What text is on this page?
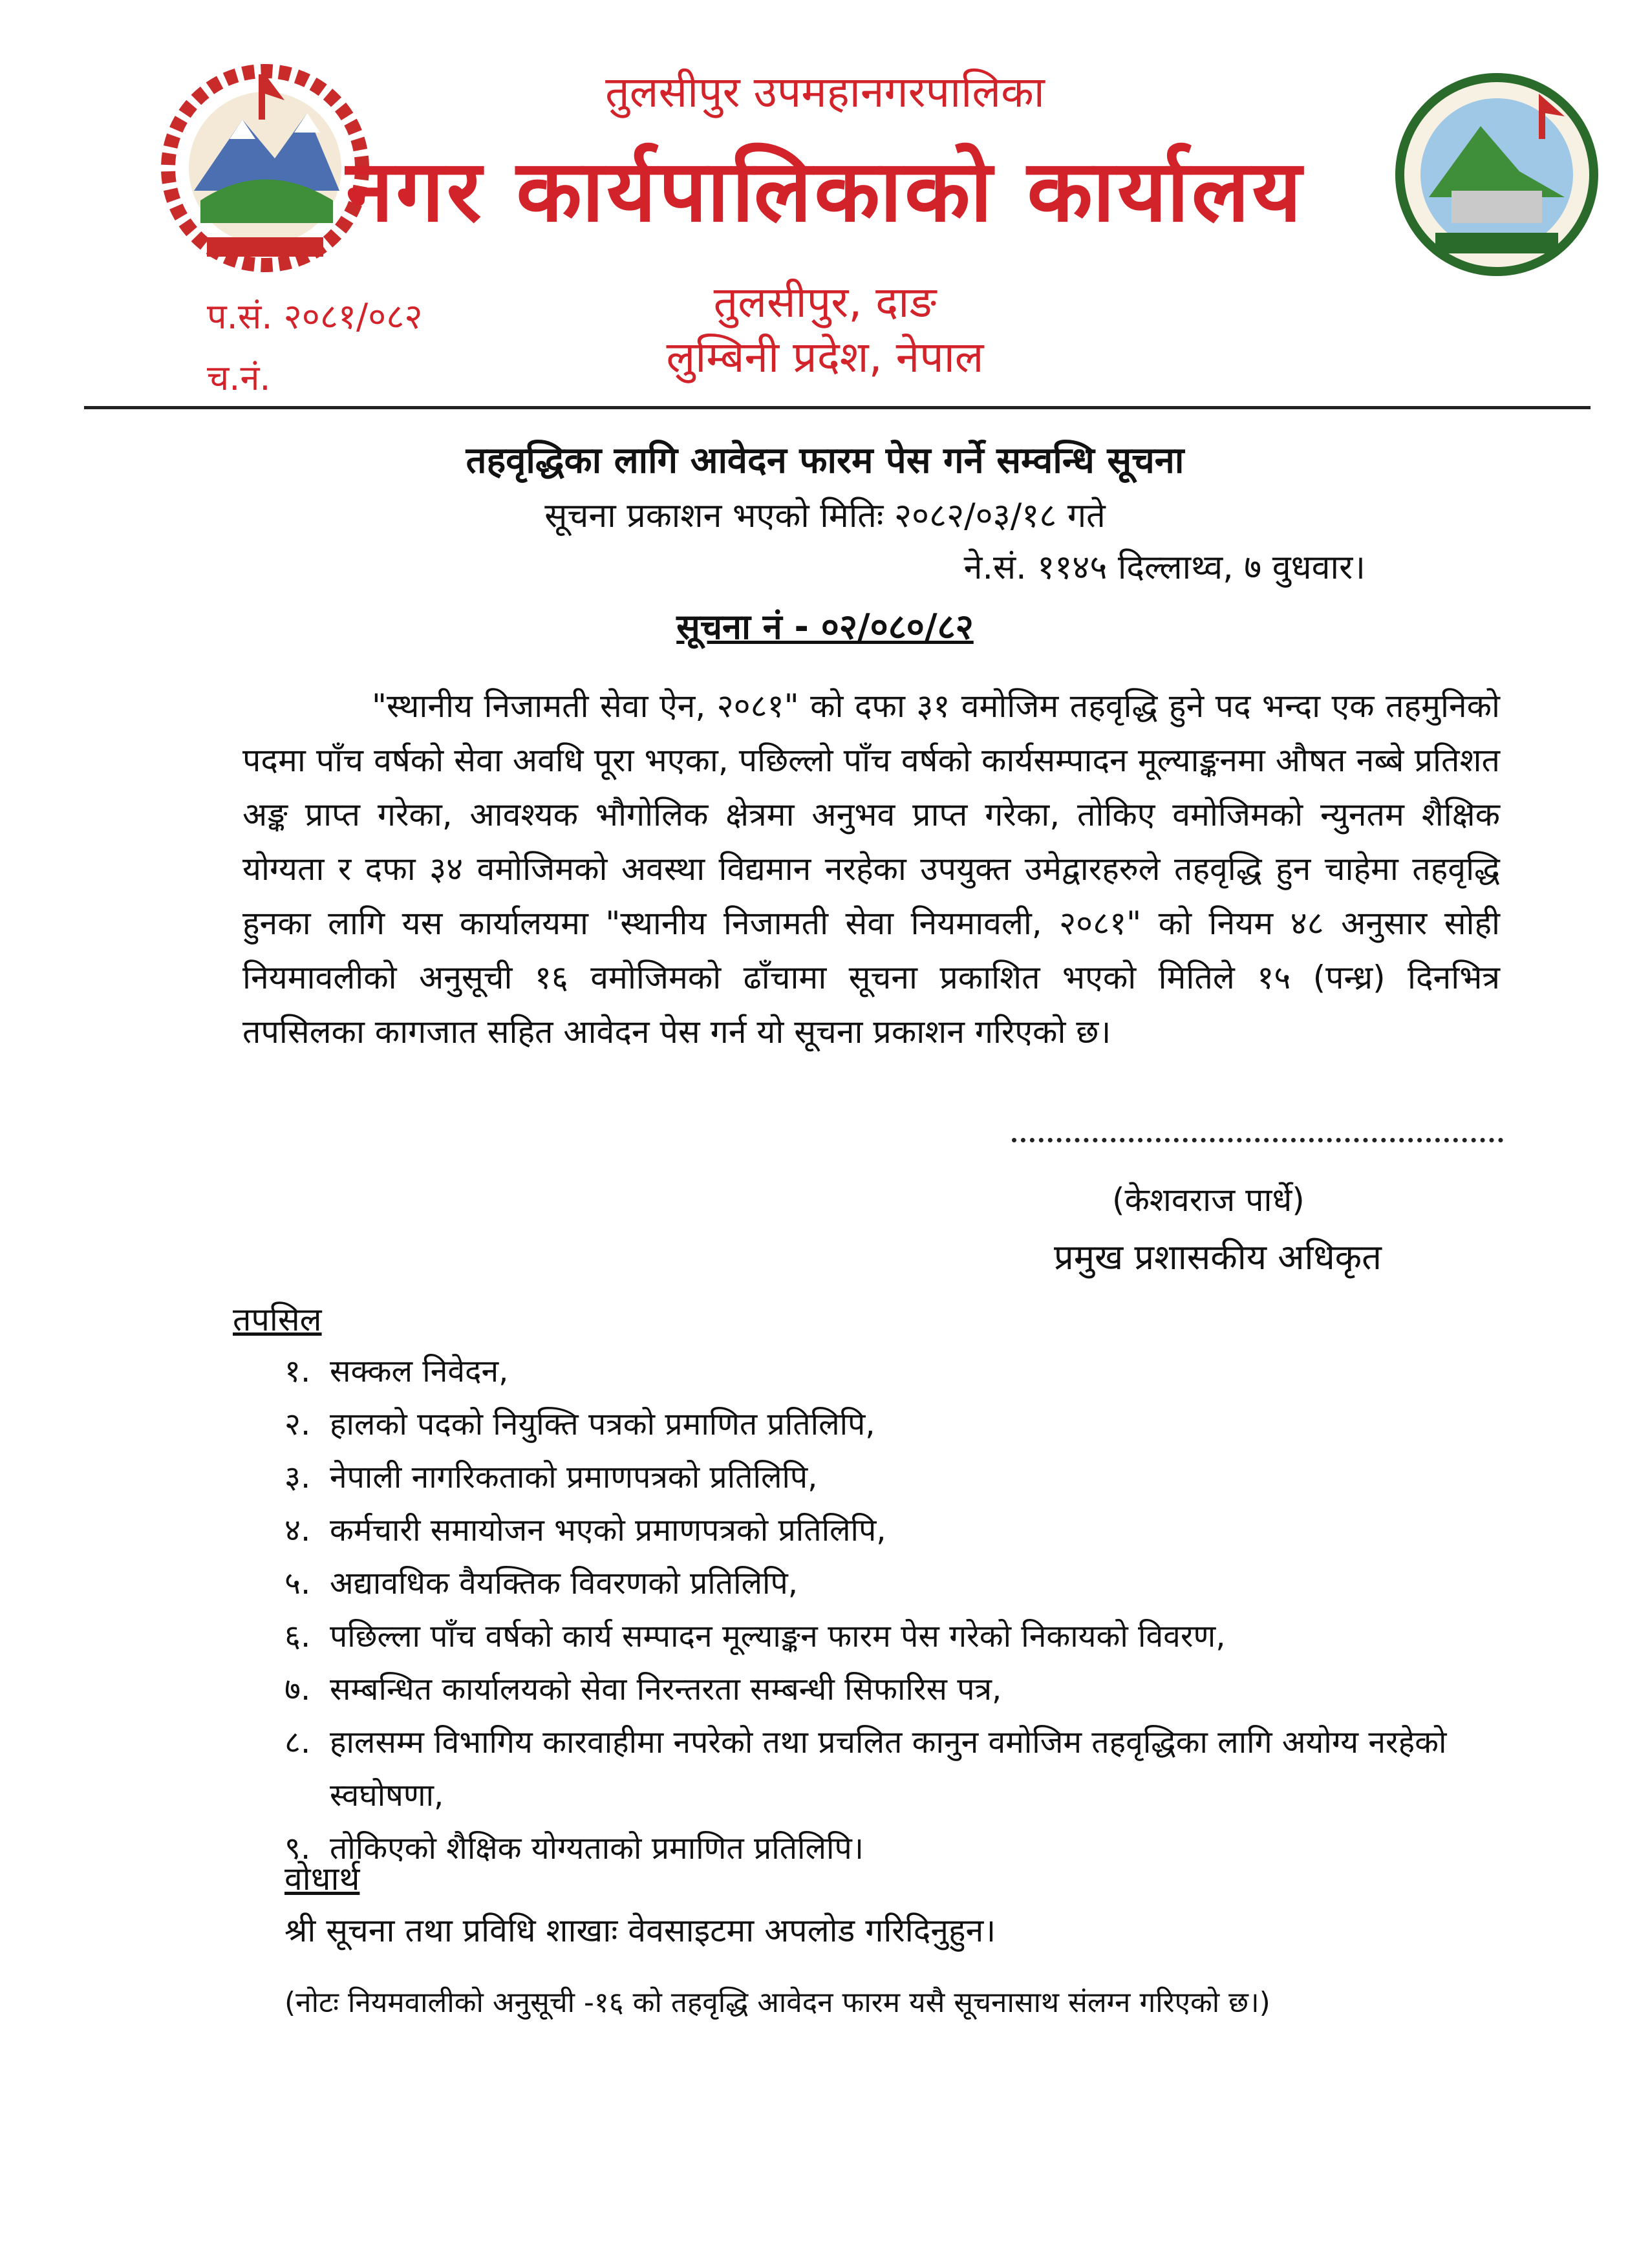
तुलसीपुर उपमहानगरपालिका
नगर कार्यपालिकाको कार्यालय
तुलसीपुर, दाङ
लुम्बिनी प्रदेश, नेपाल
प.सं. २०८१/०८२
च.नं.
तहवृद्धिका लागि आवेदन फारम पेस गर्ने सम्वन्धि सूचना
सूचना प्रकाशन भएको मितिः २०८२/०३/१८ गते
ने.सं. ११४५ दिल्लाथ्व, ७ वुधवार।
सूचना नं - ०२/०८०/८२
"स्थानीय निजामती सेवा ऐन, २०८१" को दफा ३१ वमोजिम तहवृद्धि हुने पद भन्दा एक तहमुनिको पदमा पाँच वर्षको सेवा अवधि पूरा भएका, पछिल्लो पाँच वर्षको कार्यसम्पादन मूल्याङ्कनमा औषत नब्बे प्रतिशत अङ्क प्राप्त गरेका, आवश्यक भौगोलिक क्षेत्रमा अनुभव प्राप्त गरेका, तोकिए वमोजिमको न्युनतम शैक्षिक योग्यता र दफा ३४ वमोजिमको अवस्था विद्यमान नरहेका उपयुक्त उमेद्वारहरुले तहवृद्धि हुन चाहेमा तहवृद्धि हुनका लागि यस कार्यालयमा "स्थानीय निजामती सेवा नियमावली, २०८१" को नियम ४८ अनुसार सोही नियमावलीको अनुसूची १६ वमोजिमको ढाँचामा सूचना प्रकाशित भएको मितिले १५ (पन्ध्र) दिनभित्र तपसिलका कागजात सहित आवेदन पेस गर्न यो सूचना प्रकाशन गरिएको छ।
(केशवराज पार्धे)
प्रमुख प्रशासकीय अधिकृत
तपसिल
१. सक्कल निवेदन,
२. हालको पदको नियुक्ति पत्रको प्रमाणित प्रतिलिपि,
३. नेपाली नागरिकताको प्रमाणपत्रको प्रतिलिपि,
४. कर्मचारी समायोजन भएको प्रमाणपत्रको प्रतिलिपि,
५. अद्यावधिक वैयक्तिक विवरणको प्रतिलिपि,
६. पछिल्ला पाँच वर्षको कार्य सम्पादन मूल्याङ्कन फारम पेस गरेको निकायको विवरण,
७. सम्बन्धित कार्यालयको सेवा निरन्तरता सम्बन्धी सिफारिस पत्र,
८. हालसम्म विभागिय कारवाहीमा नपरेको तथा प्रचलित कानुन वमोजिम तहवृद्धिका लागि अयोग्य नरहेको स्वघोषणा,
९. तोकिएको शैक्षिक योग्यताको प्रमाणित प्रतिलिपि।
वोधार्थ
श्री सूचना तथा प्रविधि शाखाः वेवसाइटमा अपलोड गरिदिनुहुन।
(नोटः नियमवालीको अनुसूची -१६ को तहवृद्धि आवेदन फारम यसै सूचनासाथ संलग्न गरिएको छ।)
